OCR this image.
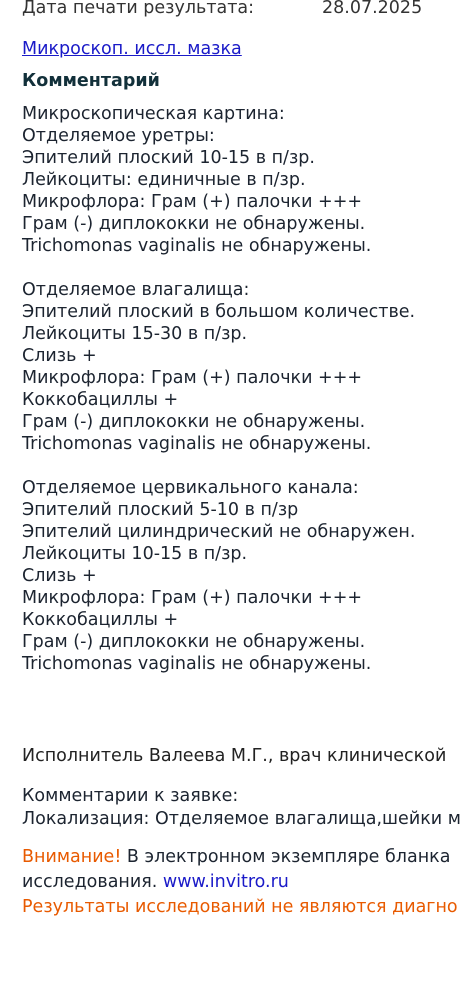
Дата печати результата:	28.07.2025
Микроскоп. иссл. мазка
Комментарий
Микроскопическая картина:
Отделяемое уретры:
Эпителий плоский 10-15 в п/зр.
Лейкоциты: единичные в п/зр.
Микрофлора: Грам (+) палочки +++
Грам (-) диплококки не обнаружены.
Trichomonas vaginalis не обнаружены.
Отделяемое влагалища:
Эпителий плоский в большом количестве.
Лейкоциты 15-30 в п/зр.
Слизь +
Микрофлора: Грам (+) палочки +++
Коккобациллы +
Грам (-) диплококки не обнаружены.
Trichomonas vaginalis не обнаружены.
Отделяемое цервикального канала:
Эпителий плоский 5-10 в п/зр
Эпителий цилиндрический не обнаружен.
Лейкоциты 10-15 в п/зр.
Слизь +
Микрофлора: Грам (+) палочки +++
Коккобациллы +
Грам (-) диплококки не обнаружены.
Trichomonas vaginalis не обнаружены.
Исполнитель Валеева М.Г., врач клинической
Комментарии к заявке:
Локализация: Отделяемое влагалища,шейки м
Внимание! В электронном экземпляре бланка
исследования. www.invitro.ru
Результаты исследований не являются диагно
